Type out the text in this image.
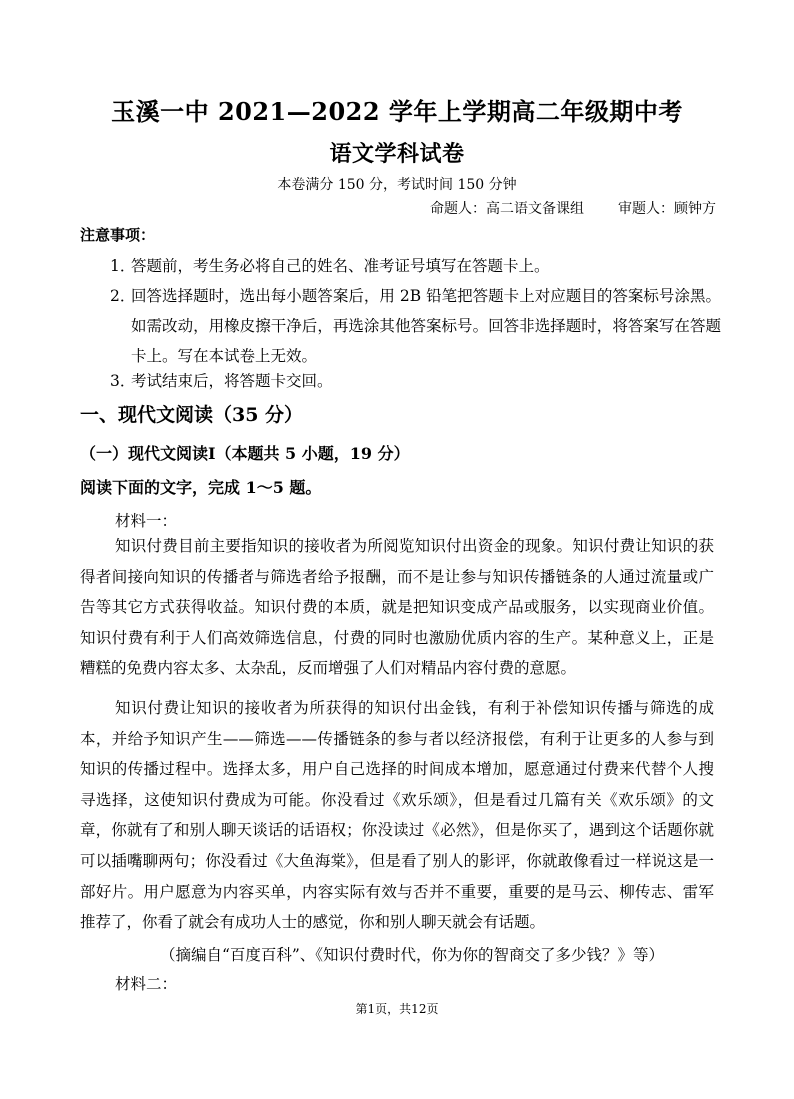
玉溪一中 2021—2022 学年上学期高二年级期中考
语文学科试卷
本卷满分 150 分，考试时间 150 分钟
命题人：高二语文备课组 审题人：顾钟方
注意事项：
1．
答题前，考生务必将自己的姓名、准考证号填写在答题卡上。
2．
回答选择题时，选出每小题答案后，用 2B 铅笔把答题卡上对应题目的答案标号涂黑。如需改动，用橡皮擦干净后，再选涂其他答案标号。回答非选择题时，将答案写在答题卡上。写在本试卷上无效。
3．
考试结束后，将答题卡交回。
一、现代文阅读（35 分）
（一）现代文阅读Ⅰ（本题共 5 小题，19 分）
阅读下面的文字，完成 1～5 题。
材料一：
知识付费目前主要指知识的接收者为所阅览知识付出资金的现象。知识付费让知识的获得者间接向知识的传播者与筛选者给予报酬，而不是让参与知识传播链条的人通过流量或广告等其它方式获得收益。知识付费的本质，就是把知识变成产品或服务，以实现商业价值。知识付费有利于人们高效筛选信息，付费的同时也激励优质内容的生产。某种意义上，正是糟糕的免费内容太多、太杂乱，反而增强了人们对精品内容付费的意愿。
知识付费让知识的接收者为所获得的知识付出金钱，有利于补偿知识传播与筛选的成本，并给予知识产生——筛选——传播链条的参与者以经济报偿，有利于让更多的人参与到知识的传播过程中。选择太多，用户自己选择的时间成本增加，愿意通过付费来代替个人搜寻选择，这使知识付费成为可能。你没看过《欢乐颂》，但是看过几篇有关《欢乐颂》的文章，你就有了和别人聊天谈话的话语权；你没读过《必然》，但是你买了，遇到这个话题你就可以插嘴聊两句；你没看过《大鱼海棠》，但是看了别人的影评，你就敢像看过一样说这是一部好片。用户愿意为内容买单，内容实际有效与否并不重要，重要的是马云、柳传志、雷军推荐了，你看了就会有成功人士的感觉，你和别人聊天就会有话题。
（摘编自“百度百科”、《知识付费时代，你为你的智商交了多少钱？》等）
材料二：
第1页，共12页
